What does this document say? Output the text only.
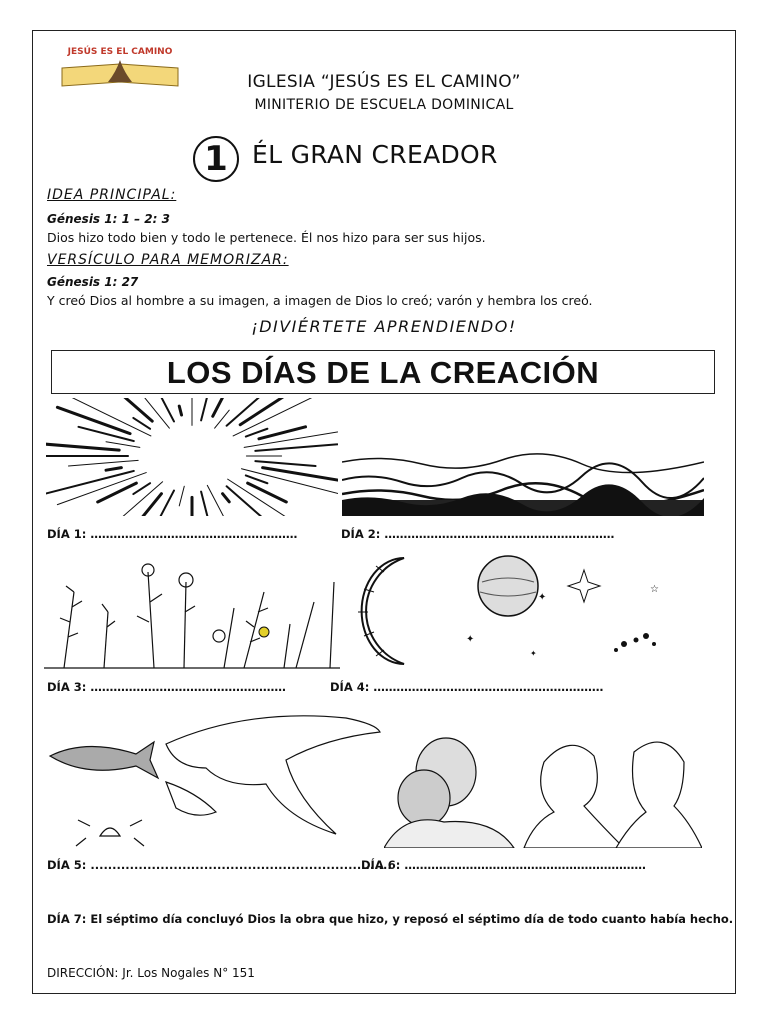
JESÚS ES EL CAMINO
IGLESIA “JESÚS ES EL CAMINO”
MINITERIO DE ESCUELA DOMINICAL
1 ÉL GRAN CREADOR
IDEA PRINCIPAL:
Génesis 1: 1 – 2: 3
Dios hizo todo bien y todo le pertenece. Él nos hizo para ser sus hijos.
VERSÍCULO PARA MEMORIZAR:
Génesis 1: 27
Y creó Dios al hombre a su imagen, a imagen de Dios lo creó; varón y hembra los creó.
¡DIVIÉRTETE APRENDIENDO!
LOS DÍAS DE LA CREACIÓN
DÍA 1: ………………………………………………	DÍA 2: ……………………………………………………
✦
✦
✦
☆
DÍA 3: ……………………………………………	DÍA 4: ……………………………………………………
DÍA 5: .....................................................................
DÍA 6: ………………………………………………………
DÍA 7: El séptimo día concluyó Dios la obra que hizo, y reposó el séptimo día de todo cuanto había hecho.
DIRECCIÓN: Jr. Los Nogales N° 151
